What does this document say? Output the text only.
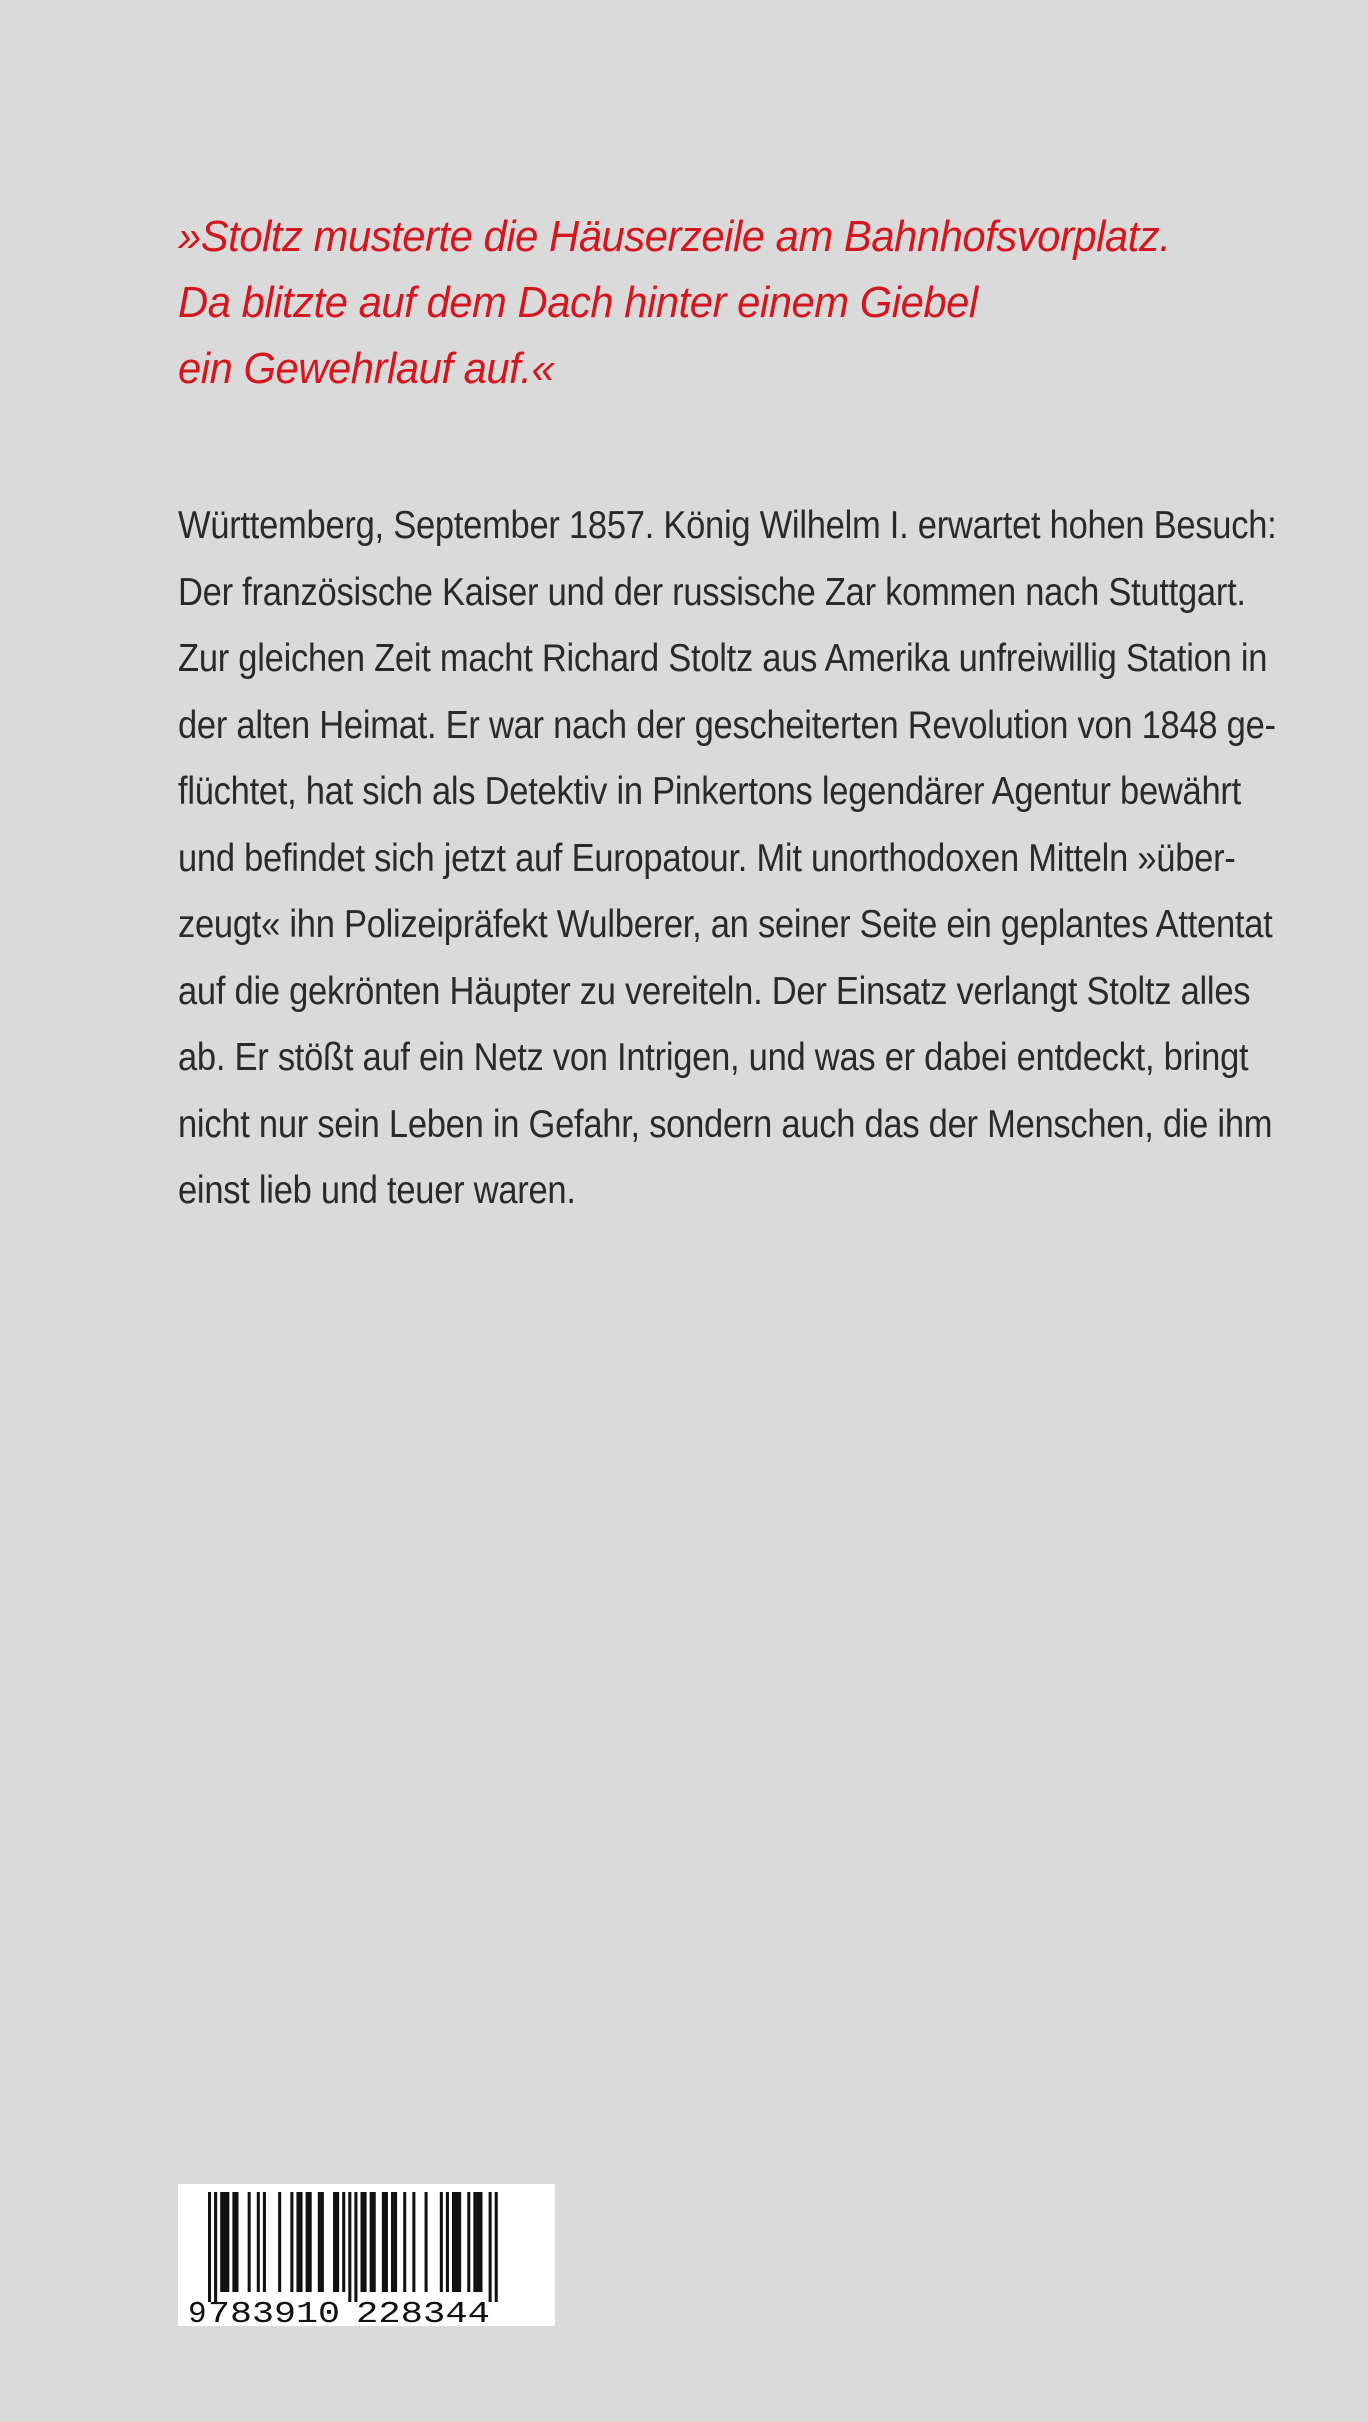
»Stoltz musterte die Häuserzeile am Bahnhofsvorplatz.
Da blitzte auf dem Dach hinter einem Giebel
ein Gewehrlauf auf.«
Württemberg, September 1857. König Wilhelm I. erwartet hohen Besuch:
Der französische Kaiser und der russische Zar kommen nach Stuttgart.
Zur gleichen Zeit macht Richard Stoltz aus Amerika unfreiwillig Station in
der alten Heimat. Er war nach der gescheiterten Revolution von 1848 ge-
flüchtet, hat sich als Detektiv in Pinkertons legendärer Agentur bewährt
und befindet sich jetzt auf Europatour. Mit unorthodoxen Mitteln »über-
zeugt« ihn Polizeipräfekt Wulberer, an seiner Seite ein geplantes Attentat
auf die gekrönten Häupter zu vereiteln. Der Einsatz verlangt Stoltz alles
ab. Er stößt auf ein Netz von Intrigen, und was er dabei entdeckt, bringt
nicht nur sein Leben in Gefahr, sondern auch das der Menschen, die ihm
einst lieb und teuer waren.
9 783910 228344
